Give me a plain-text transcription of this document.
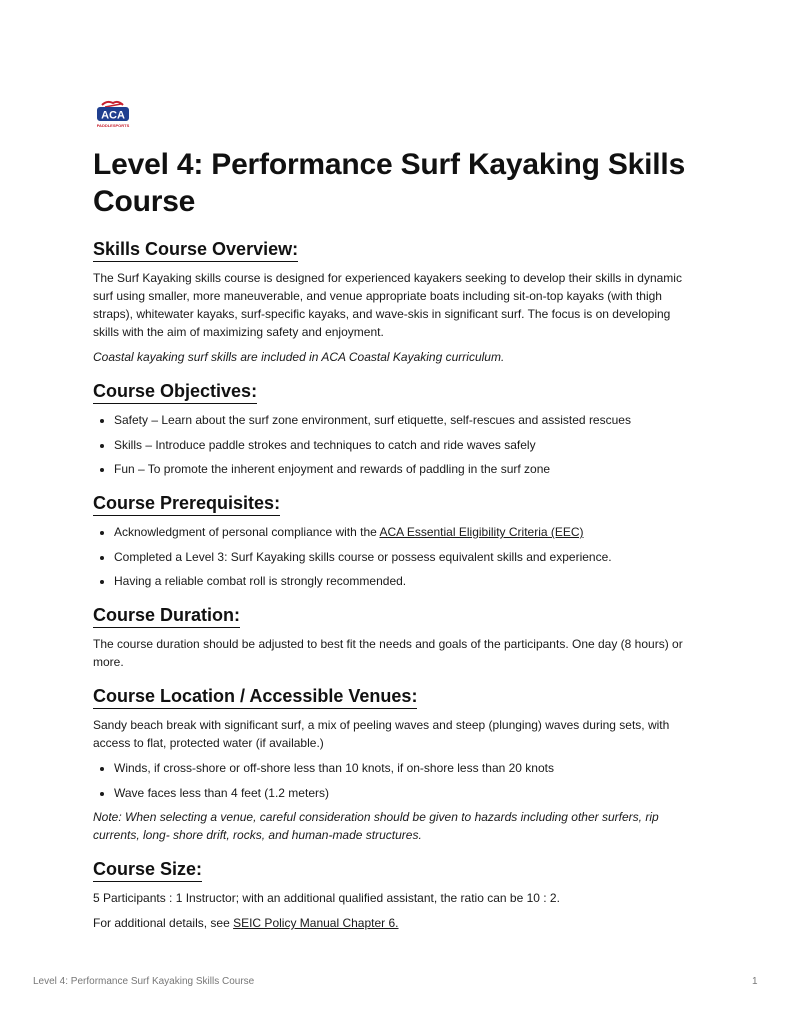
ACA
PADDLESPORTS
Level 4: Performance Surf Kayaking Skills Course
Skills Course Overview:

The Surf Kayaking skills course is designed for experienced kayakers seeking to develop their skills in dynamic surf using smaller, more maneuverable, and venue appropriate boats including sit-on-top kayaks (with thigh straps), whitewater kayaks, surf-specific kayaks, and wave-skis in significant surf. The focus is on developing skills with the aim of maximizing safety and enjoyment.

Coastal kayaking surf skills are included in ACA Coastal Kayaking curriculum.

Course Objectives:
• Safety – Learn about the surf zone environment, surf etiquette, self-rescues and assisted rescues
• Skills – Introduce paddle strokes and techniques to catch and ride waves safely
• Fun – To promote the inherent enjoyment and rewards of paddling in the surf zone
Course Prerequisites:
• Acknowledgment of personal compliance with the ACA Essential Eligibility Criteria (EEC)
• Completed a Level 3: Surf Kayaking skills course or possess equivalent skills and experience.
• Having a reliable combat roll is strongly recommended.
Course Duration:

The course duration should be adjusted to best fit the needs and goals of the participants. One day (8 hours) or more.

Course Location / Accessible Venues:

Sandy beach break with significant surf, a mix of peeling waves and steep (plunging) waves during sets, with access to flat, protected water (if available.)

• Winds, if cross-shore or off-shore less than 10 knots, if on-shore less than 20 knots
• Wave faces less than 4 feet (1.2 meters)

Note: When selecting a venue, careful consideration should be given to hazards including other surfers, rip currents, long- shore drift, rocks, and human-made structures.

Course Size:

5 Participants : 1 Instructor; with an additional qualified assistant, the ratio can be 10 : 2.

For additional details, see SEIC Policy Manual Chapter 6.

Level 4: Performance Surf Kayaking Skills Course	1
